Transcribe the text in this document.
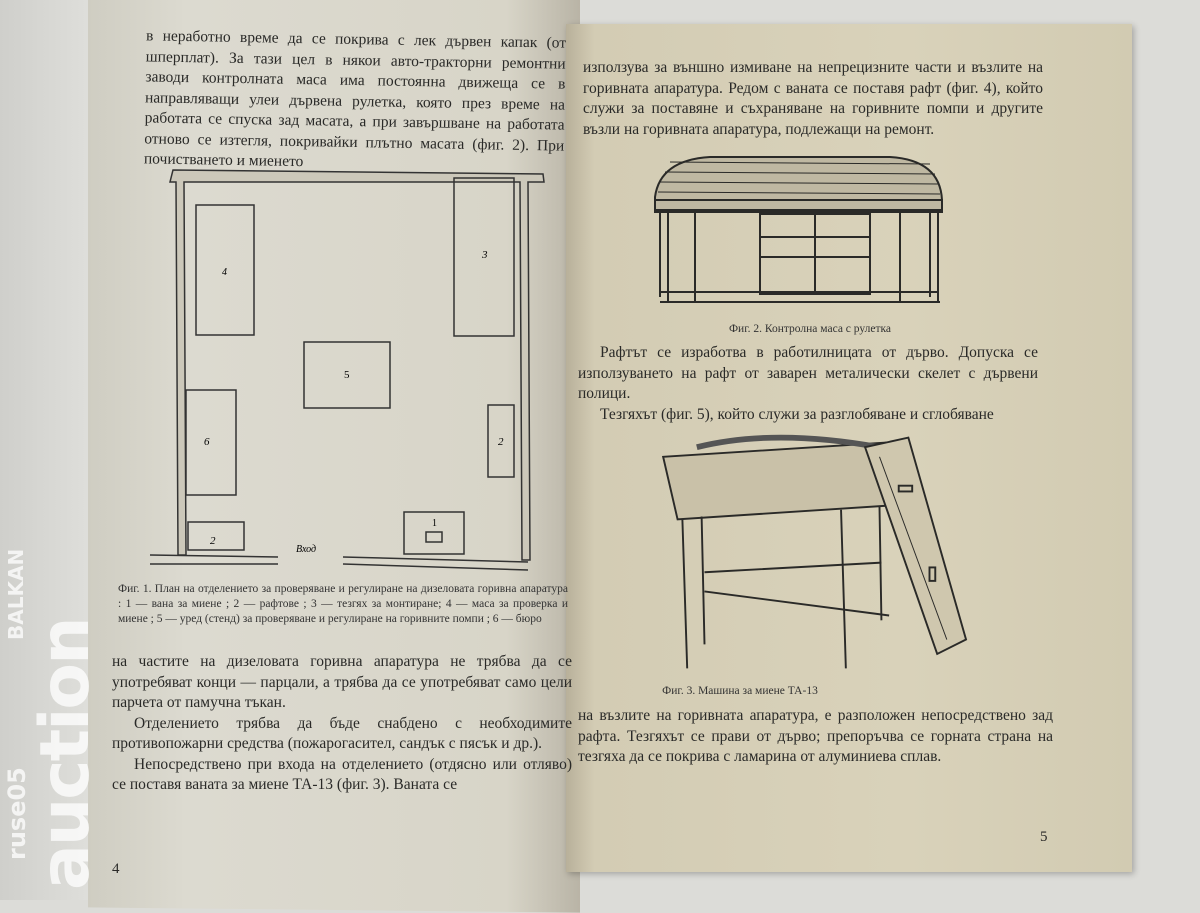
в неработно време да се покрива с лек дървен капак (от шперплат). За тази цел в някои авто-тракторни ремонтни заводи контролната маса има постоянна движеща се в направляващи улеи дървена рулетка, която през време на работата се спуска зад масата, а при завършване на работата отново се изтегля, покривайки плътно масата (фиг. 2). При почистването и миенето
1
2
3
4
5
6	2
Вход
Фиг. 1. План на отделението за проверяване и регулиране на дизеловата горивна апаратура : 1 — вана за миене ; 2 — рафтове ; 3 — тезгях за монтиране; 4 — маса за проверка и миене ; 5 — уред (стенд) за проверяване и регулиране на горивните помпи ; 6 — бюро

на частите на дизеловата горивна апаратура не трябва да се употребяват конци — парцали, а трябва да се употребяват само цели парчета от памучна тъкан.

Отделението трябва да бъде снабдено с необходимите противопожарни средства (пожарогасител, сандък с пясък и др.).

Непосредствено при входа на отделението (отдясно или отляво) се поставя ваната за миене ТА-13 (фиг. 3). Ваната се

4
използува за външно измиване на непрецизните части и възлите на горивната апаратура. Редом с ваната се поставя рафт (фиг. 4), който служи за поставяне и съхраняване на горивните помпи и другите възли на горивната апаратура, подлежащи на ремонт.
Фиг. 2. Контролна маса с рулетка

Рафтът се изработва в работилницата от дърво. Допуска се използуването на рафт от заварен металически скелет с дървени полици.

Тезгяхът (фиг. 5), който служи за разглобяване и сглобяване

Фиг. 3. Машина за миене ТА-13
на възлите на горивната апаратура, е разположен непосредствено зад рафта. Тезгяхът се прави от дърво; препоръчва се горната страна на тезгяха да се покрива с ламарина от алуминиева сплав.
5
BALKAN
ruse05
auction
